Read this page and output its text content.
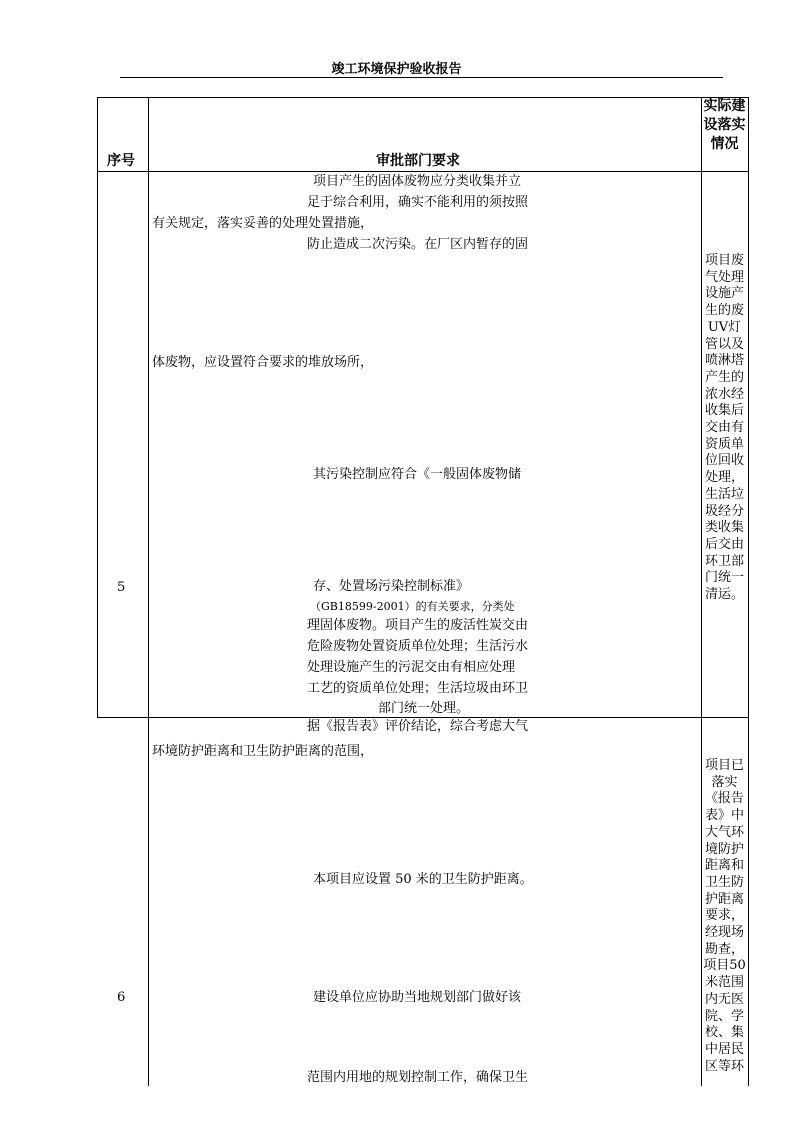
竣工环境保护验收报告
序号	审批部门要求
实际建设落实情况
5
项目产生的固体废物应分类收集并立
足于综合利用，确实不能利用的须按照
有关规定，落实妥善的处理处置措施，
防止造成二次污染。在厂区内暂存的固
体废物，应设置符合要求的堆放场所，
其污染控制应符合《一般固体废物储
存、处置场污染控制标准》
（GB18599-2001）的有关要求，分类处
理固体废物。项目产生的废活性炭交由
危险废物处置资质单位处理；生活污水
处理设施产生的污泥交由有相应处理
工艺的资质单位处理；生活垃圾由环卫
部门统一处理。
项目废气处理设施产生的废UV灯管以及喷淋塔产生的浓水经收集后交由有资质单位回收处理，生活垃圾经分类收集后交由环卫部门统一清运。
6
据《报告表》评价结论，综合考虑大气
环境防护距离和卫生防护距离的范围，
本项目应设置 50 米的卫生防护距离。
建设单位应协助当地规划部门做好该
范围内用地的规划控制工作，确保卫生
项目已落实《报告表》中大气环境防护距离和卫生防护距离要求，经现场勘查，项目50米范围内无医院、学校、集中居民区等环
